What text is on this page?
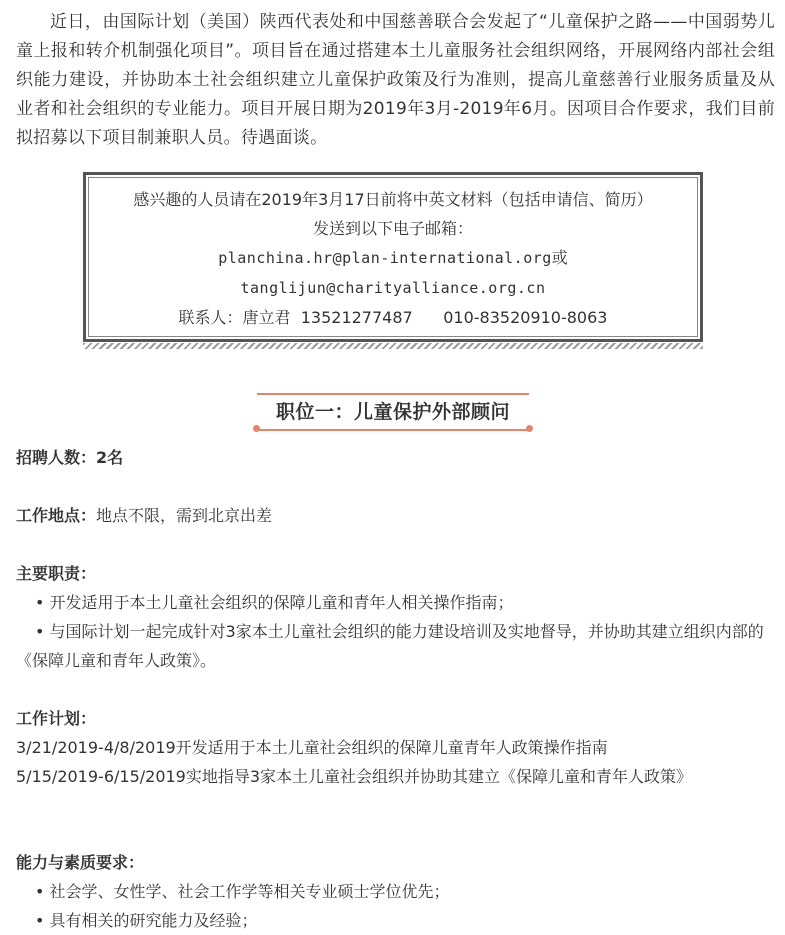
近日，由国际计划（美国）陕西代表处和中国慈善联合会发起了“儿童保护之路——中国弱势儿童上报和转介机制强化项目”。项目旨在通过搭建本土儿童服务社会组织网络，开展网络内部社会组织能力建设，并协助本土社会组织建立儿童保护政策及行为准则，提高儿童慈善行业服务质量及从业者和社会组织的专业能力。项目开展日期为2019年3月-2019年6月。因项目合作要求，我们目前拟招募以下项目制兼职人员。待遇面谈。

感兴趣的人员请在2019年3月17日前将中英文材料（包括申请信、简历）
发送到以下电子邮箱：
planchina.hr@plan-international.org或
tanglijun@charityalliance.org.cn
联系人：唐立君 13521277487 010-83520910-8063
职位一：儿童保护外部顾问
招聘人数：2名
工作地点：地点不限，需到北京出差
主要职责：
• 开发适用于本土儿童社会组织的保障儿童和青年人相关操作指南；
• 与国际计划一起完成针对3家本土儿童社会组织的能力建设培训及实地督导，并协助其建立组织内部的《保障儿童和青年人政策》。
工作计划：
3/21/2019-4/8/2019开发适用于本土儿童社会组织的保障儿童青年人政策操作指南
5/15/2019-6/15/2019实地指导3家本土儿童社会组织并协助其建立《保障儿童和青年人政策》
能力与素质要求：
• 社会学、女性学、社会工作学等相关专业硕士学位优先；
• 具有相关的研究能力及经验；
